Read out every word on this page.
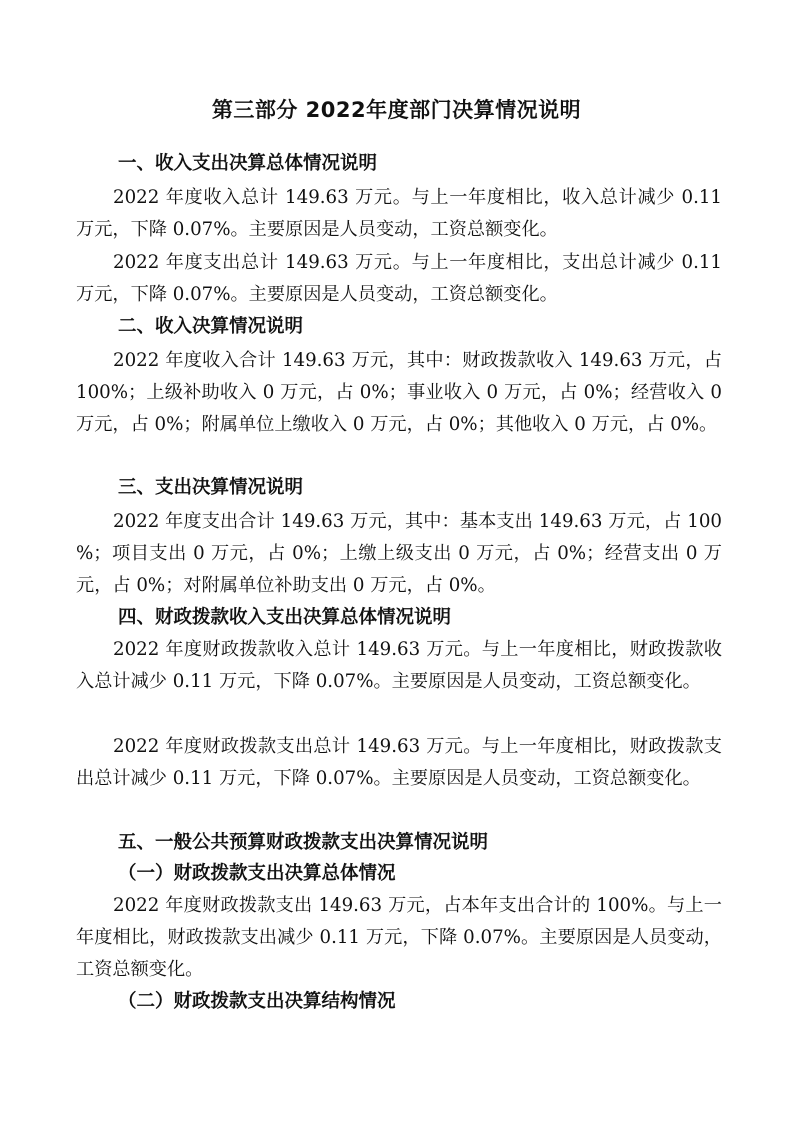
第三部分 2022年度部门决算情况说明
一、收入支出决算总体情况说明

2022 年度收入总计 149.63 万元。与上一年度相比，收入总计减少 0.11 万元，下降 0.07%。主要原因是人员变动，工资总额变化。

2022 年度支出总计 149.63 万元。与上一年度相比，支出总计减少 0.11 万元，下降 0.07%。主要原因是人员变动，工资总额变化。

二、收入决算情况说明

2022 年度收入合计 149.63 万元，其中：财政拨款收入 149.63 万元，占 100%；上级补助收入 0 万元，占 0%；事业收入 0 万元，占 0%；经营收入 0 万元，占 0%；附属单位上缴收入 0 万元，占 0%；其他收入 0 万元，占 0%。

三、支出决算情况说明

2022 年度支出合计 149.63 万元，其中：基本支出 149.63 万元，占 100%；项目支出 0 万元，占 0%；上缴上级支出 0 万元，占 0%；经营支出 0 万元，占 0%；对附属单位补助支出 0 万元，占 0%。

四、财政拨款收入支出决算总体情况说明

2022 年度财政拨款收入总计 149.63 万元。与上一年度相比，财政拨款收入总计减少 0.11 万元，下降 0.07%。主要原因是人员变动，工资总额变化。

2022 年度财政拨款支出总计 149.63 万元。与上一年度相比，财政拨款支出总计减少 0.11 万元，下降 0.07%。主要原因是人员变动，工资总额变化。

五、一般公共预算财政拨款支出决算情况说明
（一）财政拨款支出决算总体情况

2022 年度财政拨款支出 149.63 万元，占本年支出合计的 100%。与上一年度相比，财政拨款支出减少 0.11 万元，下降 0.07%。主要原因是人员变动，工资总额变化。

（二）财政拨款支出决算结构情况
